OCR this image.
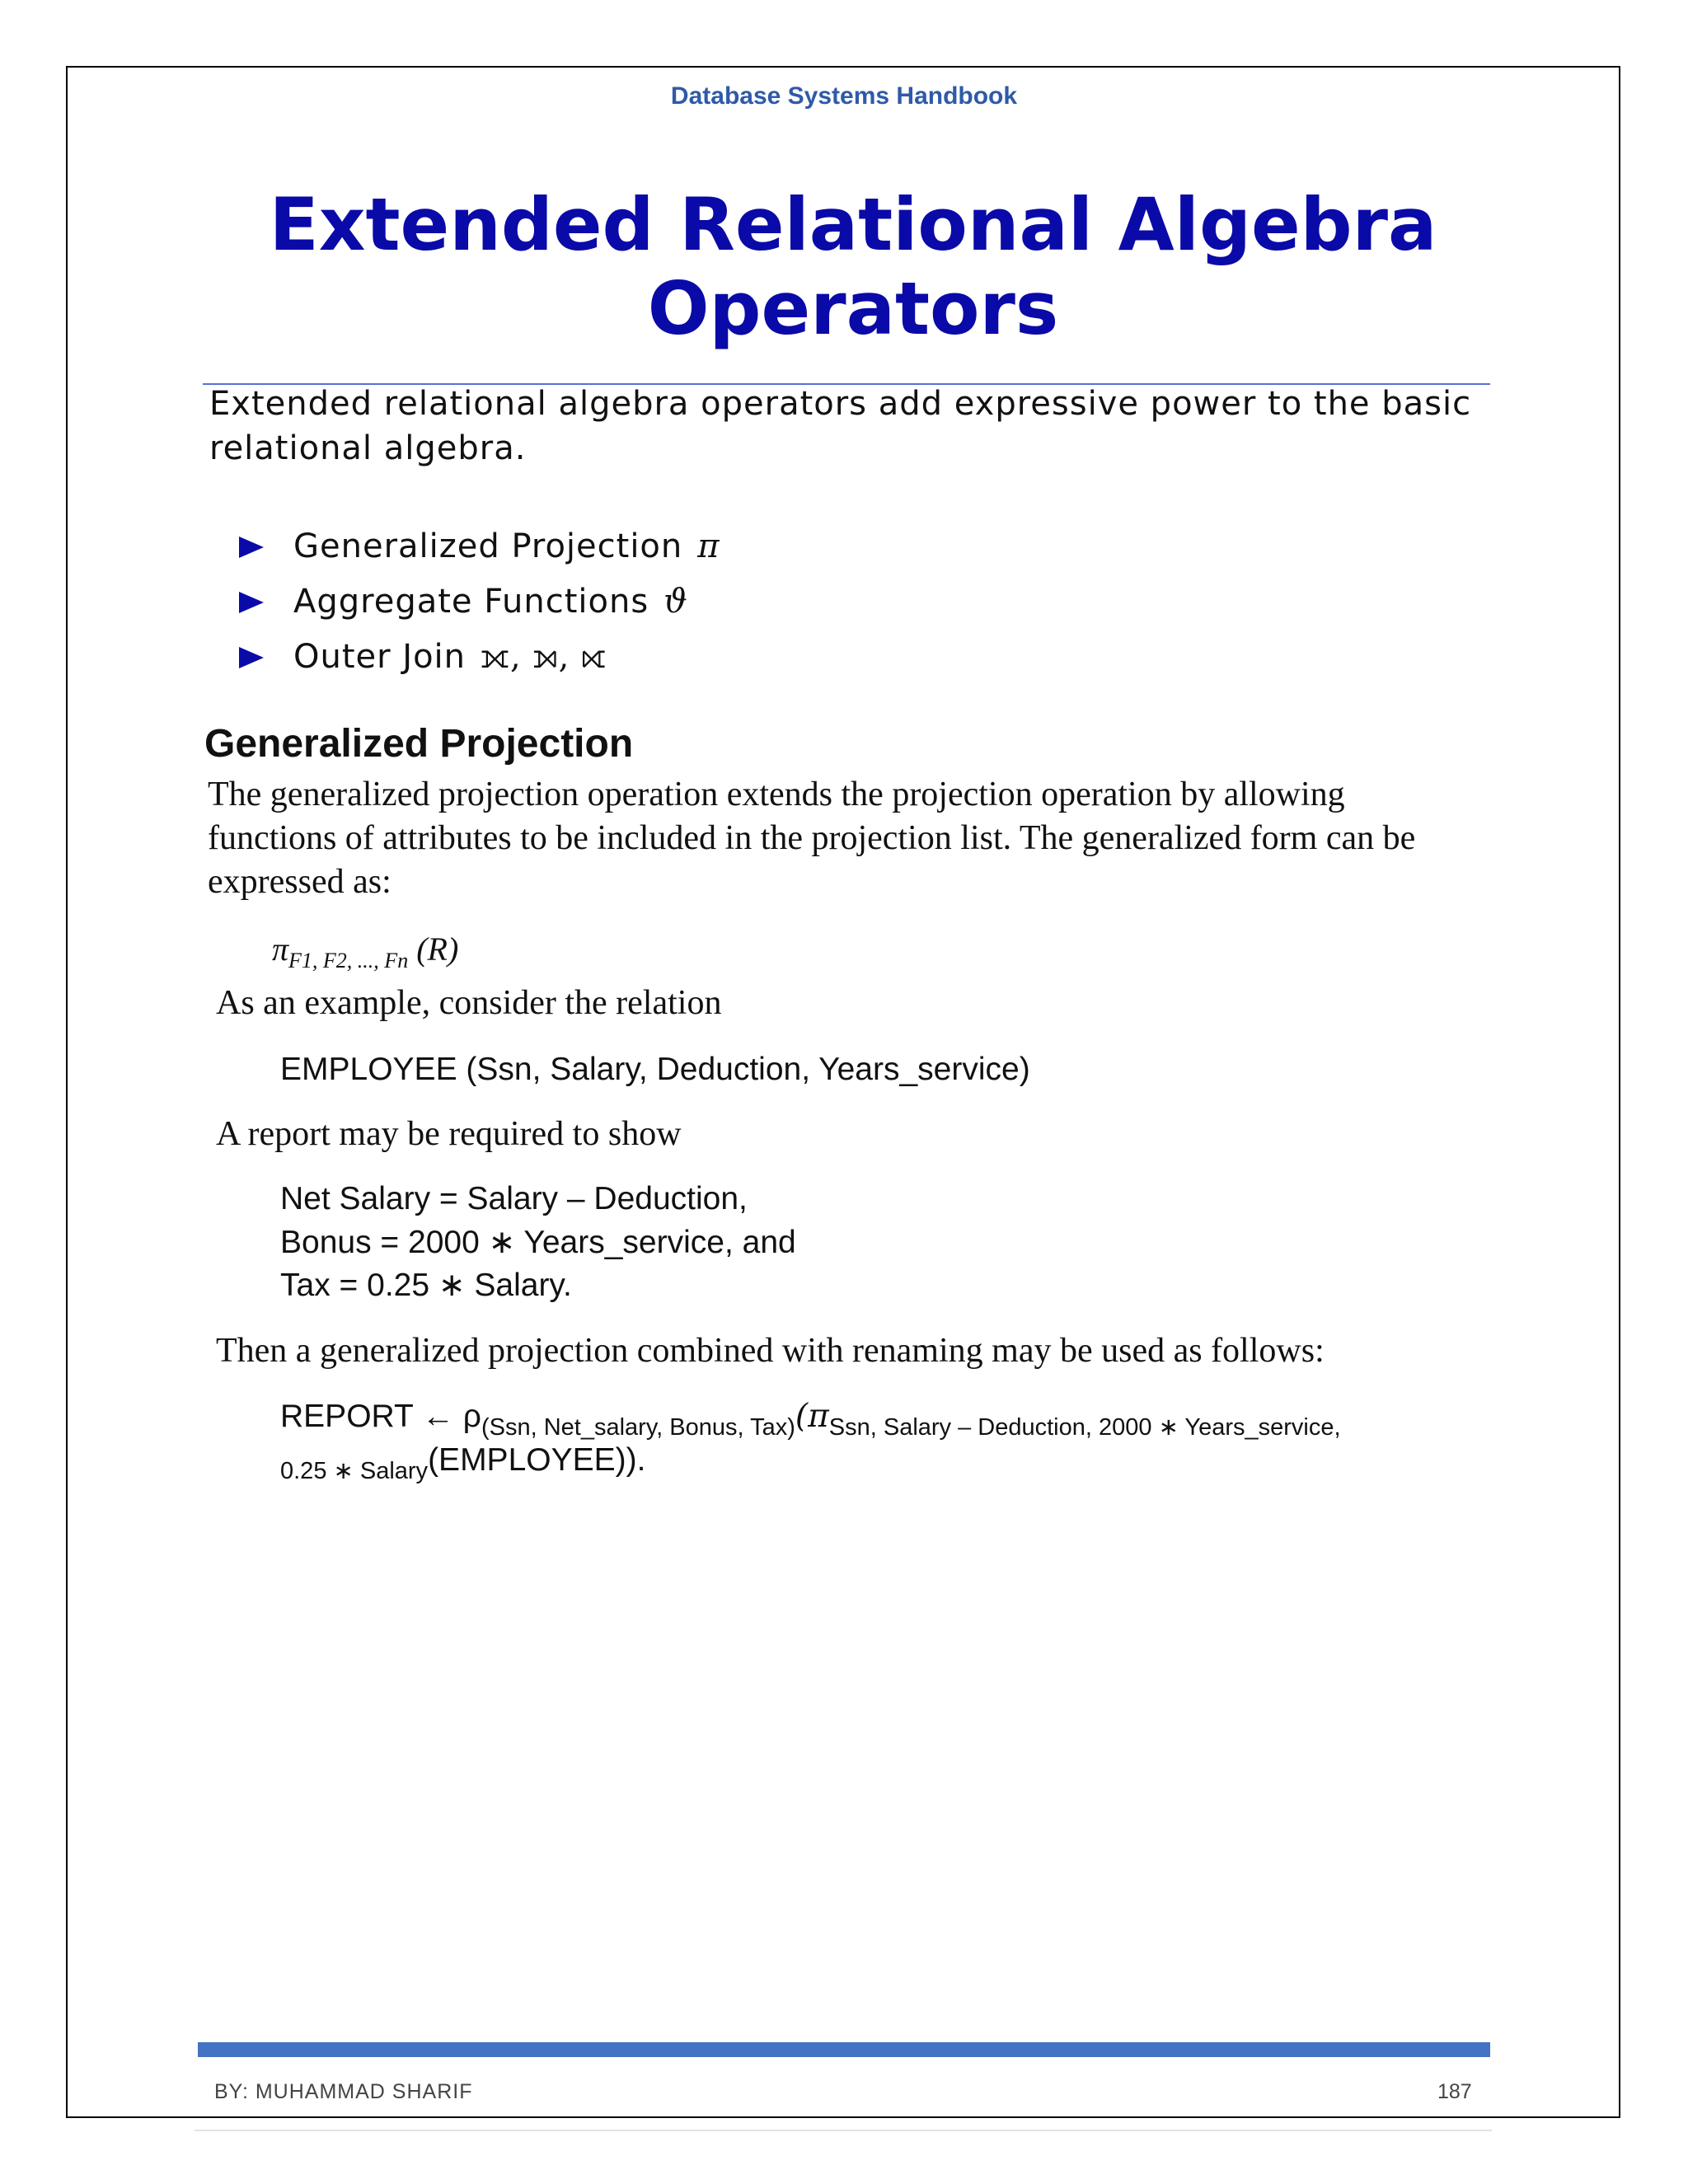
Database Systems Handbook
Extended Relational Algebra
Operators
Extended relational algebra operators add expressive power to the basic relational algebra.
Generalized Projection π
Aggregate Functions ϑ
Outer Join ⟗, ⟕, ⟖
Generalized Projection
The generalized projection operation extends the projection operation by allowing functions of attributes to be included in the projection list. The generalized form can be expressed as:
$\pi_{F1, F2, ..., Fn}$ (R)
As an example, consider the relation
EMPLOYEE (Ssn, Salary, Deduction, Years_service)
A report may be required to show
Net Salary = Salary – Deduction,
Bonus = 2000 ∗ Years_service, and
Tax = 0.25 ∗ Salary.
Then a generalized projection combined with renaming may be used as follows:
REPORT ← $\rho_{(Ssn, Net\_salary, Bonus, Tax)}(\pi_{Ssn, Salary - Deduction, 2000 ∗ Years\_service,}$
$_{0.25 ∗ Salary}$(EMPLOYEE)).
BY: MUHAMMAD SHARIF	187
